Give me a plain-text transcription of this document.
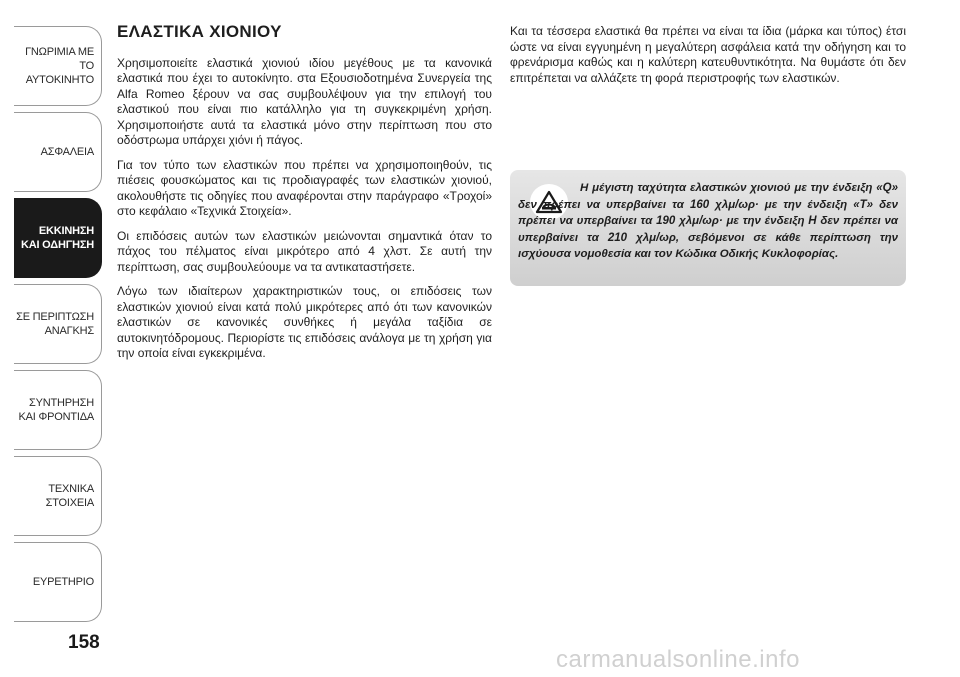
ΓΝΩΡΙΜΙΑ ΜΕ ΤΟ
ΑΥΤΟΚΙΝΗΤΟ
ΑΣΦΑΛΕΙΑ
ΕΚΚΙΝΗΣΗ
ΚΑΙ ΟΔΗΓΗΣΗ
ΣΕ ΠΕΡΙΠΤΩΣΗ
ΑΝΑΓΚΗΣ
ΣΥΝΤΗΡΗΣΗ
ΚΑΙ ΦΡΟΝΤΙΔΑ
ΤΕΧΝΙΚΑ
ΣΤΟΙΧΕΙΑ
ΕΥΡΕΤΗΡΙΟ
158
ΕΛΑΣΤΙΚΑ ΧΙΟΝΙΟΥ

Χρησιμοποιείτε ελαστικά χιονιού ιδίου μεγέθους με τα κανονικά ελαστικά που έχει το αυτοκίνητο. στα Εξουσιοδοτημένα Συνεργεία της Alfa Romeo ξέρουν να σας συμβουλέψουν για την επιλογή του ελαστικού που είναι πιο κατάλληλο για τη συγκεκριμένη χρήση. Χρησιμοποιήστε αυτά τα ελαστικά μόνο στην περίπτωση που στο οδόστρωμα υπάρχει χιόνι ή πάγος.

Για τον τύπο των ελαστικών που πρέπει να χρησιμοποιηθούν, τις πιέσεις φουσκώματος και τις προδιαγραφές των ελαστικών χιονιού, ακολουθήστε τις οδηγίες που αναφέρονται στην παράγραφο «Τροχοί» στο κεφάλαιο «Τεχνικά Στοιχεία».

Οι επιδόσεις αυτών των ελαστικών μειώνονται σημαντικά όταν το πάχος του πέλματος είναι μικρότερο από 4 χλστ. Σε αυτή την περίπτωση, σας συμβουλεύουμε να τα αντικαταστήσετε.

Λόγω των ιδιαίτερων χαρακτηριστικών τους, οι επιδόσεις των ελαστικών χιονιού είναι κατά πολύ μικρότερες από ότι των κανονικών ελαστικών σε κανονικές συνθήκες ή μεγάλα ταξίδια σε αυτοκινητόδρομους. Περιορίστε τις επιδόσεις ανάλογα με τη χρήση για την οποία είναι εγκεκριμένα.

Και τα τέσσερα ελαστικά θα πρέπει να είναι τα ίδια (μάρκα και τύπος) έτσι ώστε να είναι εγγυημένη η μεγαλύτερη ασφάλεια κατά την οδήγηση και το φρενάρισμα καθώς και η καλύτερη κατευθυντικότητα. Να θυμάστε ότι δεν επιτρέπεται να αλλάζετε τη φορά περιστροφής των ελαστικών.

Η μέγιστη ταχύτητα ελαστικών χιονιού με την ένδειξη «Q» δεν πρέπει να υπερβαίνει τα 160 χλμ/ωρ· με την ένδειξη «T» δεν πρέπει να υπερβαίνει τα 190 χλμ/ωρ· με την ένδειξη H δεν πρέπει να υπερβαίνει τα 210 χλμ/ωρ, σεβόμενοι σε κάθε περίπτωση την ισχύουσα νομοθεσία και τον Κώδικα Οδικής Κυκλοφορίας.
carmanualsonline.info
